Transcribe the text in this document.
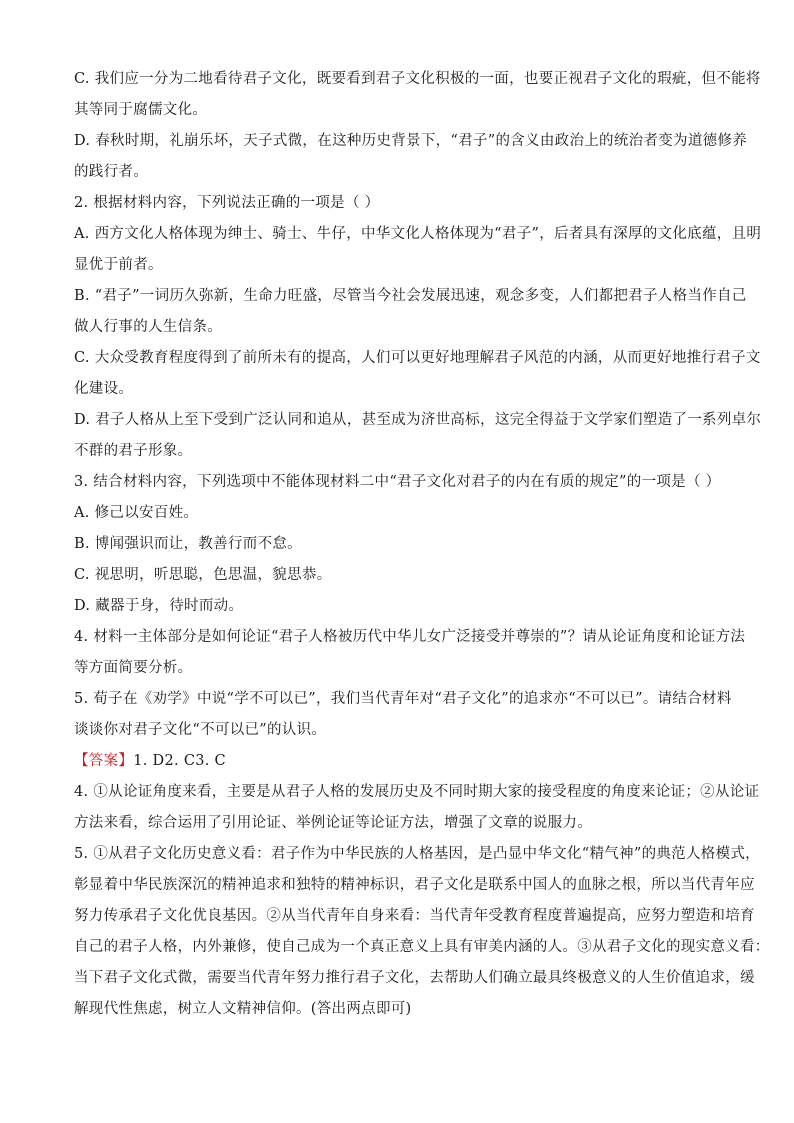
C. 我们应一分为二地看待君子文化，既要看到君子文化积极的一面，也要正视君子文化的瑕疵，但不能将

其等同于腐儒文化。

D. 春秋时期，礼崩乐坏，天子式微，在这种历史背景下，“君子”的含义由政治上的统治者变为道德修养

的践行者。

2. 根据材料内容，下列说法正确的一项是（ ）

A. 西方文化人格体现为绅士、骑士、牛仔，中华文化人格体现为“君子”，后者具有深厚的文化底蕴，且明

显优于前者。

B. “君子”一词历久弥新，生命力旺盛，尽管当今社会发展迅速，观念多变，人们都把君子人格当作自己

做人行事的人生信条。

C. 大众受教育程度得到了前所未有的提高，人们可以更好地理解君子风范的内涵，从而更好地推行君子文

化建设。

D. 君子人格从上至下受到广泛认同和追从，甚至成为济世高标，这完全得益于文学家们塑造了一系列卓尔

不群的君子形象。

3. 结合材料内容，下列选项中不能体现材料二中“君子文化对君子的内在有质的规定”的一项是（ ）

A. 修己以安百姓。

B. 博闻强识而让，教善行而不怠。

C. 视思明，听思聪，色思温，貌思恭。

D. 藏器于身，待时而动。

4. 材料一主体部分是如何论证“君子人格被历代中华儿女广泛接受并尊崇的”？请从论证角度和论证方法

等方面简要分析。

5. 荀子在《劝学》中说“学不可以已”，我们当代青年对“君子文化”的追求亦“不可以已”。请结合材料

谈谈你对君子文化“不可以已”的认识。

【答案】1. D2. C3. C

4. ①从论证角度来看，主要是从君子人格的发展历史及不同时期大家的接受程度的角度来论证；②从论证

方法来看，综合运用了引用论证、举例论证等论证方法，增强了文章的说服力。

5. ①从君子文化历史意义看：君子作为中华民族的人格基因，是凸显中华文化“精气神”的典范人格模式，

彰显着中华民族深沉的精神追求和独特的精神标识，君子文化是联系中国人的血脉之根，所以当代青年应

努力传承君子文化优良基因。②从当代青年自身来看：当代青年受教育程度普遍提高，应努力塑造和培育

自己的君子人格，内外兼修，使自己成为一个真正意义上具有审美内涵的人。③从君子文化的现实意义看：

当下君子文化式微，需要当代青年努力推行君子文化，去帮助人们确立最具终极意义的人生价值追求，缓

解现代性焦虑，树立人文精神信仰。(答出两点即可)
